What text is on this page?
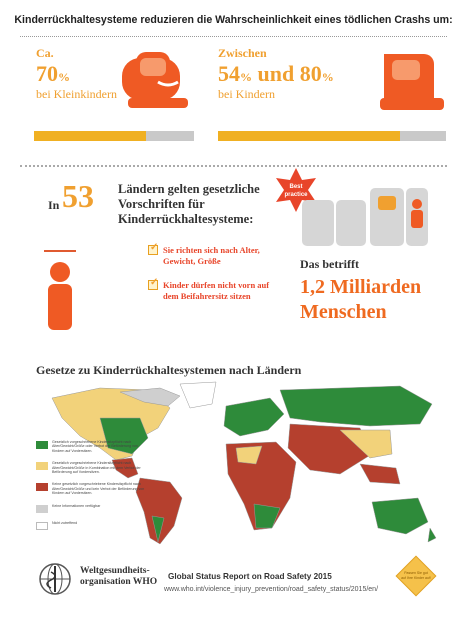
Kinderrückhaltesysteme reduzieren die Wahrscheinlichkeit eines tödlichen Crashs um:
Ca.
70%
bei Kleinkindern
Zwischen
54% und 80%
bei Kindern
In 53 Ländern gelten gesetzliche Vorschriften für Kinderrückhaltesysteme:
✓
Sie richten sich nach Alter, Gewicht, Größe
✓
Kinder dürfen nicht vorn auf dem Beifahrersitz sitzen
Best
practice
Das betrifft
1,2 Milliarden Menschen
Gesetze zu Kinderrückhaltesystemen nach Ländern
Gesetzlich vorgeschriebene Kindersitzpflicht nach Alter/Gewicht/Größe oder Verbot der Beförderung von Kindern auf Vordersitzen.
Gesetzlich vorgeschriebene Kindersitzpflicht nach Alter/Gewicht/Größe in Kombination mit dem Verbot der Beförderung auf Vordersitzen.
Keine gesetzlich vorgeschriebene Kindersitzpflicht nach Alter/Gewicht/Größe und kein Verbot der Beförderung von Kindern auf Vordersitzen.
Keine Informationen verfügbar
Nicht zutreffend
Weltgesundheits- organisation WHO
Global Status Report on Road Safety 2015
www.who.int/violence_injury_prevention/road_safety_status/2015/en/
Passen Sie gut
auf Ihre Kinder auf!
